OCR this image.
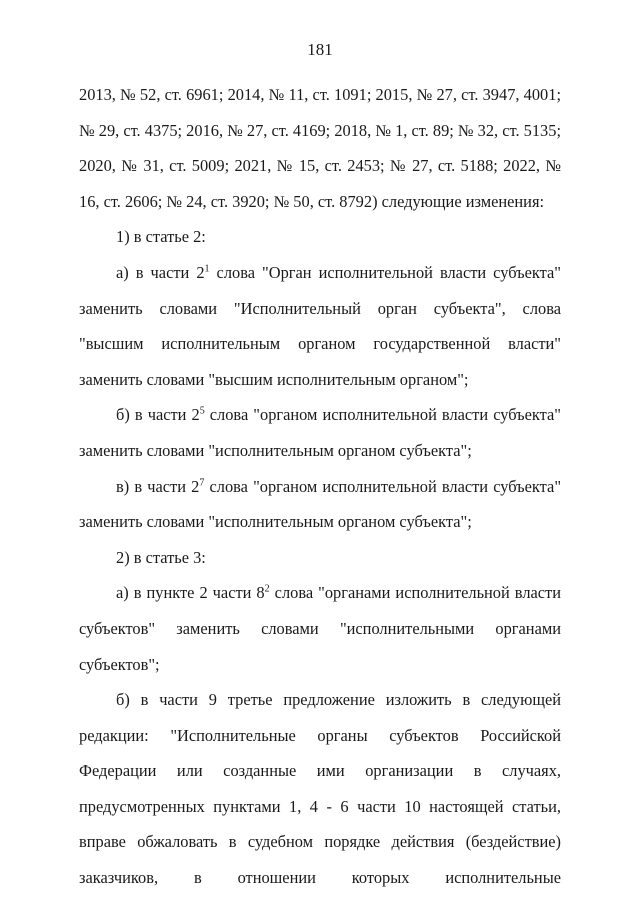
181

2013, № 52, ст. 6961; 2014, № 11, ст. 1091; 2015, № 27, ст. 3947, 4001; № 29, ст. 4375; 2016, № 27, ст. 4169; 2018, № 1, ст. 89; № 32, ст. 5135; 2020, № 31, ст. 5009; 2021, № 15, ст. 2453; № 27, ст. 5188; 2022, № 16, ст. 2606; № 24, ст. 3920; № 50, ст. 8792) следующие изменения:

1) в статье 2:

а) в части $2^1$ слова "Орган исполнительной власти субъекта" заменить словами "Исполнительный орган субъекта", слова "высшим исполнительным органом государственной власти" заменить словами "высшим исполнительным органом";

б) в части $2^5$ слова "органом исполнительной власти субъекта" заменить словами "исполнительным органом субъекта";

в) в части $2^7$ слова "органом исполнительной власти субъекта" заменить словами "исполнительным органом субъекта";

2) в статье 3:

а) в пункте 2 части $8^2$ слова "органами исполнительной власти субъектов" заменить словами "исполнительными органами субъектов";

б) в части 9 третье предложение изложить в следующей редакции: "Исполнительные органы субъектов Российской Федерации или созданные ими организации в случаях, предусмотренных пунктами 1, 4 - 6 части 10 настоящей статьи, вправе обжаловать в судебном порядке действия (бездействие) заказчиков, в отношении которых исполнительные
